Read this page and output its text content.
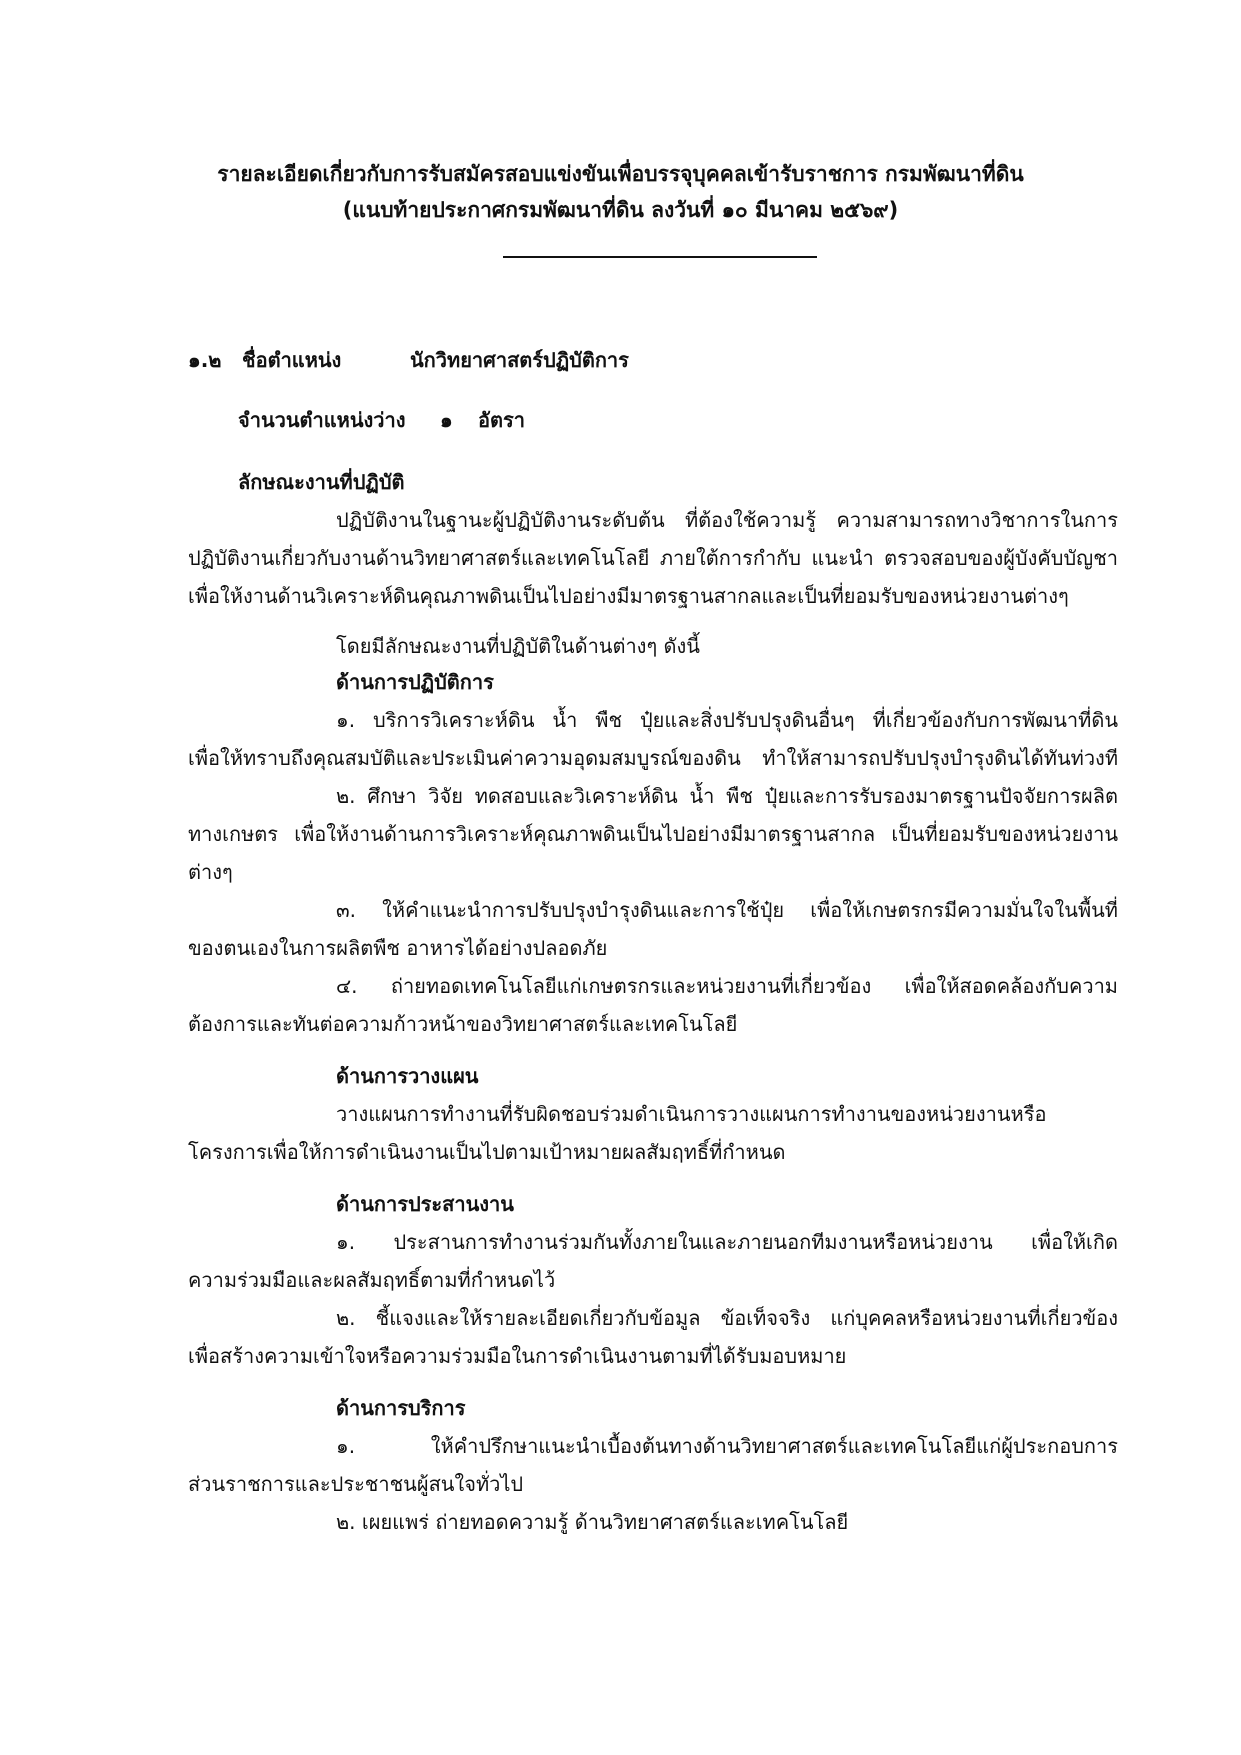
รายละเอียดเกี่ยวกับการรับสมัครสอบแข่งขันเพื่อบรรจุบุคคลเข้ารับราชการ กรมพัฒนาที่ดิน
(แนบท้ายประกาศกรมพัฒนาที่ดิน ลงวันที่ ๑๐ มีนาคม ๒๕๖๙)
๑.๒ ชื่อตำแหน่ง	นักวิทยาศาสตร์ปฏิบัติการ
จำนวนตำแหน่งว่าง ๑ อัตรา
ลักษณะงานที่ปฏิบัติ
ปฏิบัติงานในฐานะผู้ปฏิบัติงานระดับต้น ที่ต้องใช้ความรู้ ความสามารถทางวิชาการในการ
ปฏิบัติงานเกี่ยวกับงานด้านวิทยาศาสตร์และเทคโนโลยี ภายใต้การกำกับ แนะนำ ตรวจสอบของผู้บังคับบัญชา
เพื่อให้งานด้านวิเคราะห์ดินคุณภาพดินเป็นไปอย่างมีมาตรฐานสากลและเป็นที่ยอมรับของหน่วยงานต่างๆ
โดยมีลักษณะงานที่ปฏิบัติในด้านต่างๆ ดังนี้
ด้านการปฏิบัติการ
๑. บริการวิเคราะห์ดิน น้ำ พืช ปุ๋ยและสิ่งปรับปรุงดินอื่นๆ ที่เกี่ยวข้องกับการพัฒนาที่ดิน
เพื่อให้ทราบถึงคุณสมบัติและประเมินค่าความอุดมสมบูรณ์ของดิน ทำให้สามารถปรับปรุงบำรุงดินได้ทันท่วงที
๒. ศึกษา วิจัย ทดสอบและวิเคราะห์ดิน น้ำ พืช ปุ๋ยและการรับรองมาตรฐานปัจจัยการผลิต
ทางเกษตร เพื่อให้งานด้านการวิเคราะห์คุณภาพดินเป็นไปอย่างมีมาตรฐานสากล เป็นที่ยอมรับของหน่วยงาน
ต่างๆ
๓. ให้คำแนะนำการปรับปรุงบำรุงดินและการใช้ปุ๋ย เพื่อให้เกษตรกรมีความมั่นใจในพื้นที่
ของตนเองในการผลิตพืช อาหารได้อย่างปลอดภัย
๔. ถ่ายทอดเทคโนโลยีแก่เกษตรกรและหน่วยงานที่เกี่ยวข้อง เพื่อให้สอดคล้องกับความ
ต้องการและทันต่อความก้าวหน้าของวิทยาศาสตร์และเทคโนโลยี
ด้านการวางแผน
วางแผนการทำงานที่รับผิดชอบร่วมดำเนินการวางแผนการทำงานของหน่วยงานหรือ
โครงการเพื่อให้การดำเนินงานเป็นไปตามเป้าหมายผลสัมฤทธิ์ที่กำหนด
ด้านการประสานงาน
๑. ประสานการทำงานร่วมกันทั้งภายในและภายนอกทีมงานหรือหน่วยงาน เพื่อให้เกิด
ความร่วมมือและผลสัมฤทธิ์ตามที่กำหนดไว้
๒. ชี้แจงและให้รายละเอียดเกี่ยวกับข้อมูล ข้อเท็จจริง แก่บุคคลหรือหน่วยงานที่เกี่ยวข้อง
เพื่อสร้างความเข้าใจหรือความร่วมมือในการดำเนินงานตามที่ได้รับมอบหมาย
ด้านการบริการ
๑. ให้คำปรึกษาแนะนำเบื้องต้นทางด้านวิทยาศาสตร์และเทคโนโลยีแก่ผู้ประกอบการ
ส่วนราชการและประชาชนผู้สนใจทั่วไป
๒. เผยแพร่ ถ่ายทอดความรู้ ด้านวิทยาศาสตร์และเทคโนโลยี
